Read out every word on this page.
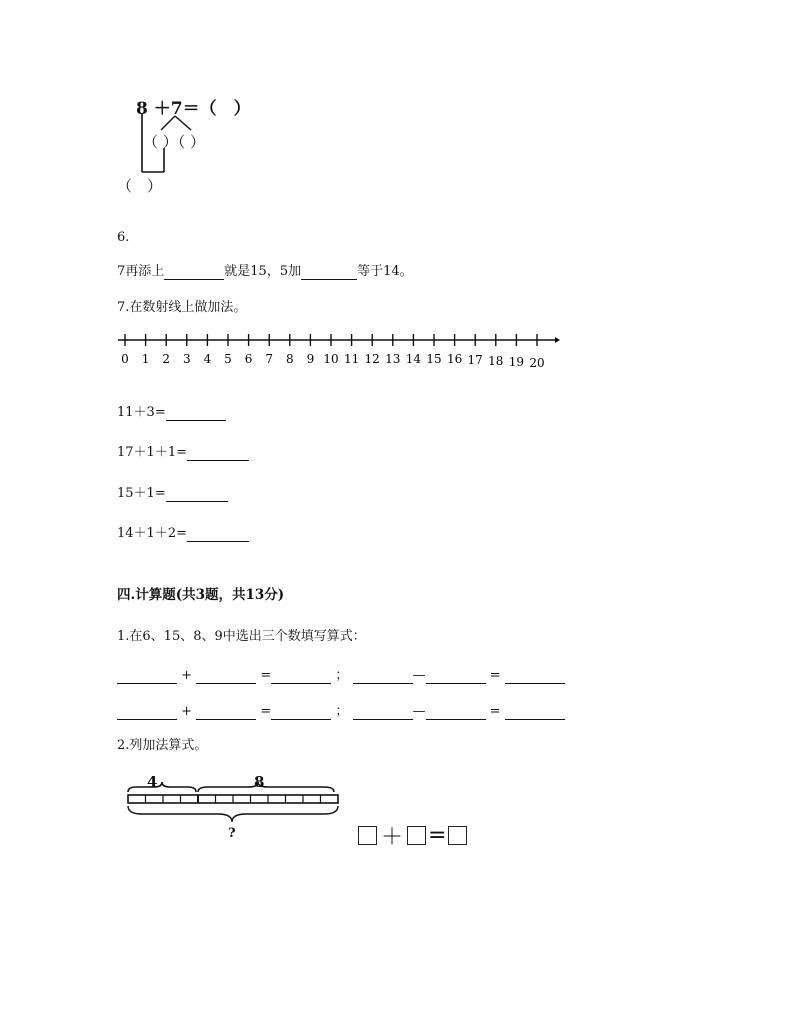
8 ＋7＝（　）
（ ）（ ）
（　）
6.
7再添上	就是15，5加	等于14。
7.在数射线上做加法。
0 1 2 3 4 5 6 7 8 9 10 11 12 13 14 15 16 17 18 19 20
11＋3=
17＋1＋1=
15＋1=
14＋1＋2=
四.计算题(共3题，共13分)
1.在6、15、8、9中选出三个数填写算式：
+	=	；	—	=
+	=	；	—	=
2.列加法算式。
4	8
?	＋ =
